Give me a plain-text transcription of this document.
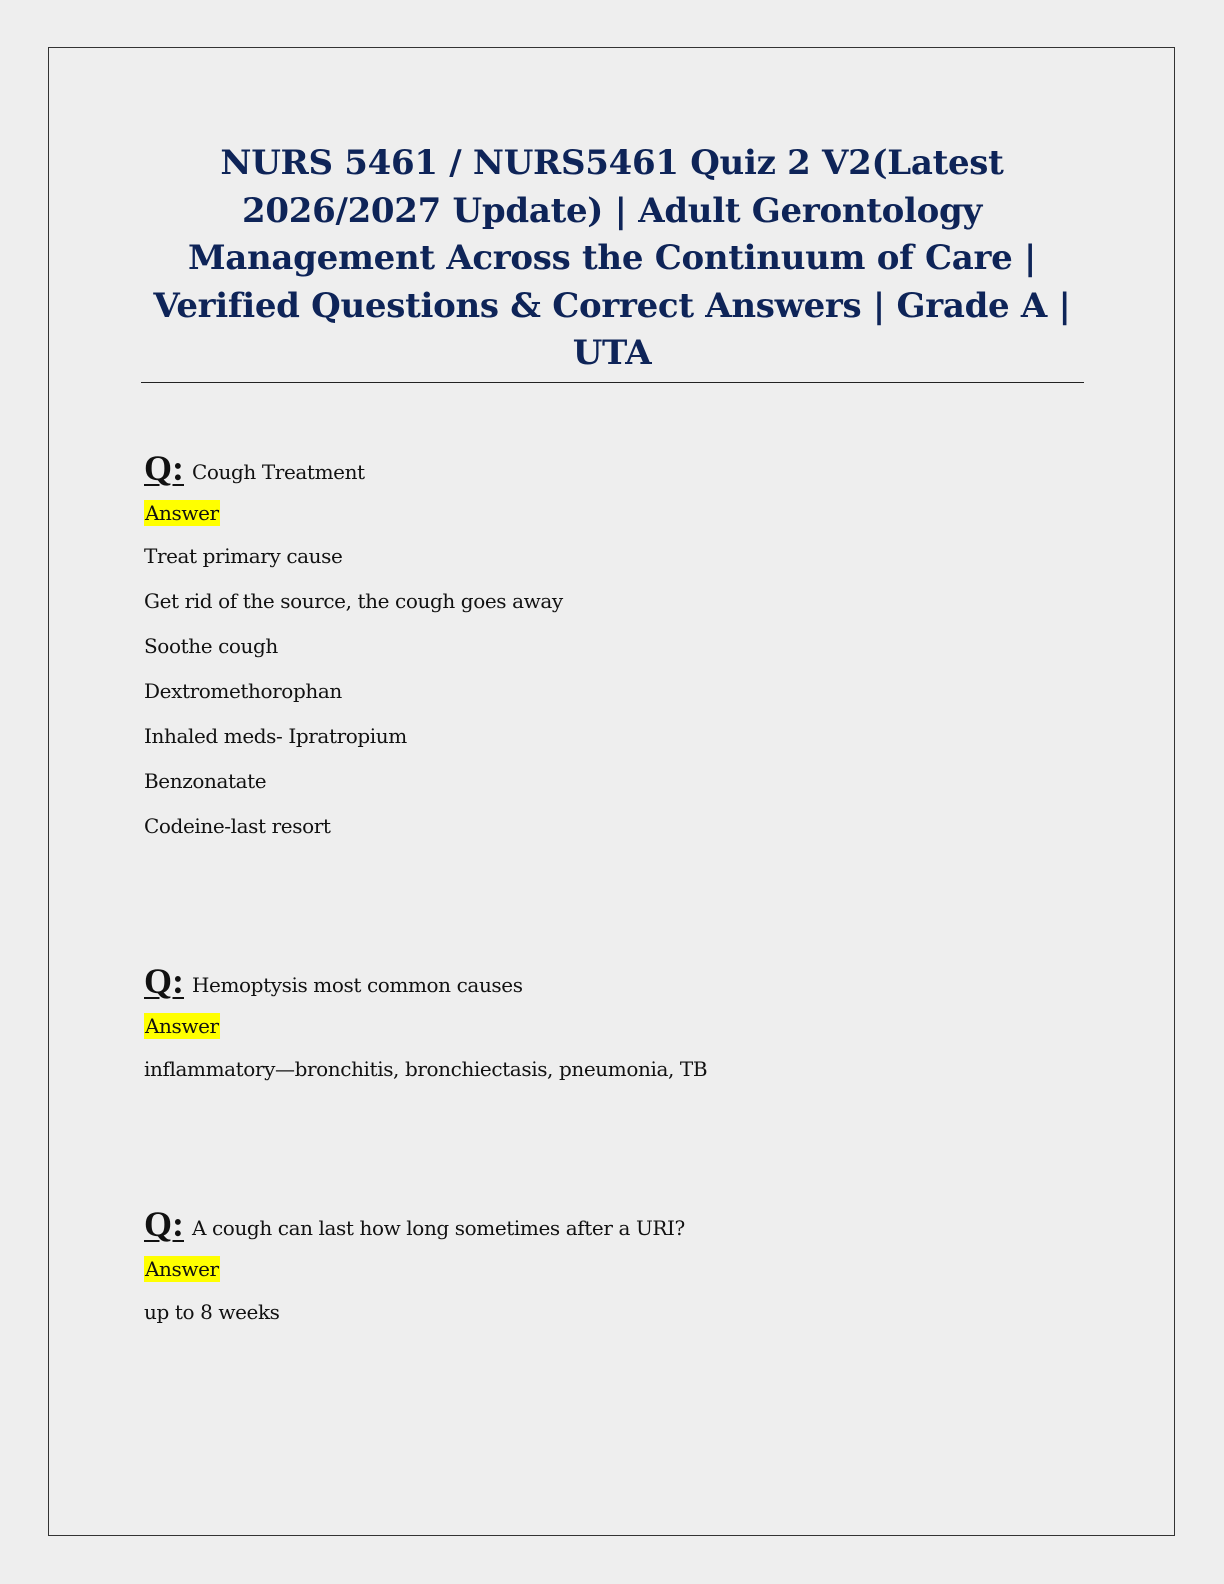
NURS 5461 / NURS5461 Quiz 2 V2(Latest
2026/2027 Update) | Adult Gerontology
Management Across the Continuum of Care |
Verified Questions & Correct Answers | Grade A |
UTA
Q: Cough Treatment
Answer
Treat primary cause
Get rid of the source, the cough goes away
Soothe cough
Dextromethorophan
Inhaled meds- Ipratropium
Benzonatate
Codeine-last resort
Q: Hemoptysis most common causes
Answer
inflammatory—bronchitis, bronchiectasis, pneumonia, TB
Q: A cough can last how long sometimes after a URI?
Answer
up to 8 weeks
